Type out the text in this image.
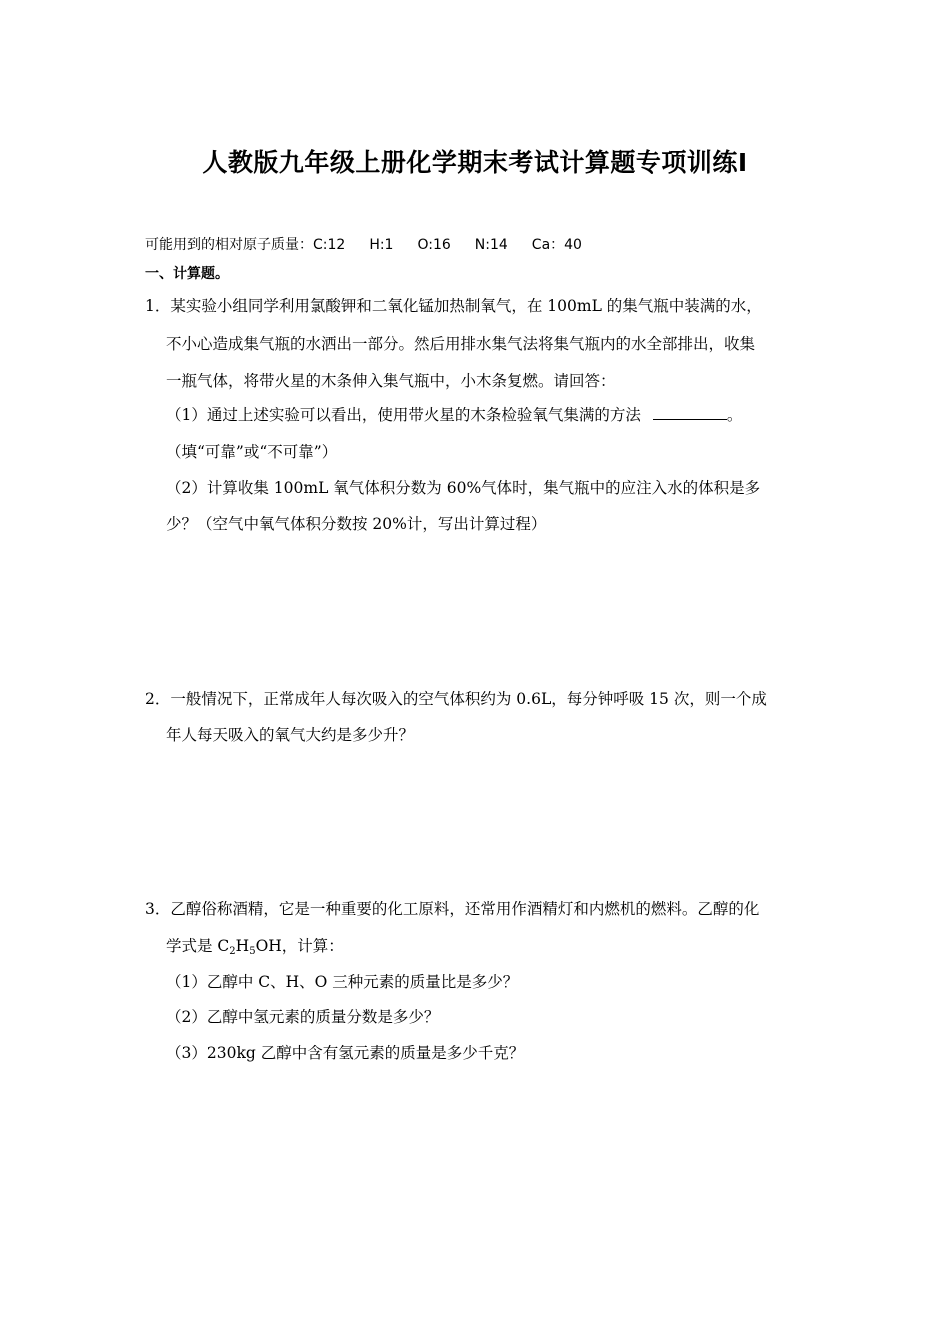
人教版九年级上册化学期末考试计算题专项训练Ⅰ
可能用到的相对原子质量：C:12 H:1 O:16 N:14 Ca：40
一、计算题。
1．某实验小组同学利用氯酸钾和二氧化锰加热制氧气，在 100mL 的集气瓶中装满的水，
不小心造成集气瓶的水洒出一部分。然后用排水集气法将集气瓶内的水全部排出，收集
一瓶气体，将带火星的木条伸入集气瓶中，小木条复燃。请回答：
（1）通过上述实验可以看出，使用带火星的木条检验氧气集满的方法	。
（填“可靠”或“不可靠”）
（2）计算收集 100mL 氧气体积分数为 60%气体时，集气瓶中的应注入水的体积是多
少？（空气中氧气体积分数按 20%计，写出计算过程）
2．一般情况下，正常成年人每次吸入的空气体积约为 0.6L，每分钟呼吸 15 次，则一个成
年人每天吸入的氧气大约是多少升？
3．乙醇俗称酒精，它是一种重要的化工原料，还常用作酒精灯和内燃机的燃料。乙醇的化
学式是 $C_2H_5OH$，计算：
（1）乙醇中 C、H、O 三种元素的质量比是多少？
（2）乙醇中氢元素的质量分数是多少？
（3）230kg 乙醇中含有氢元素的质量是多少千克？
